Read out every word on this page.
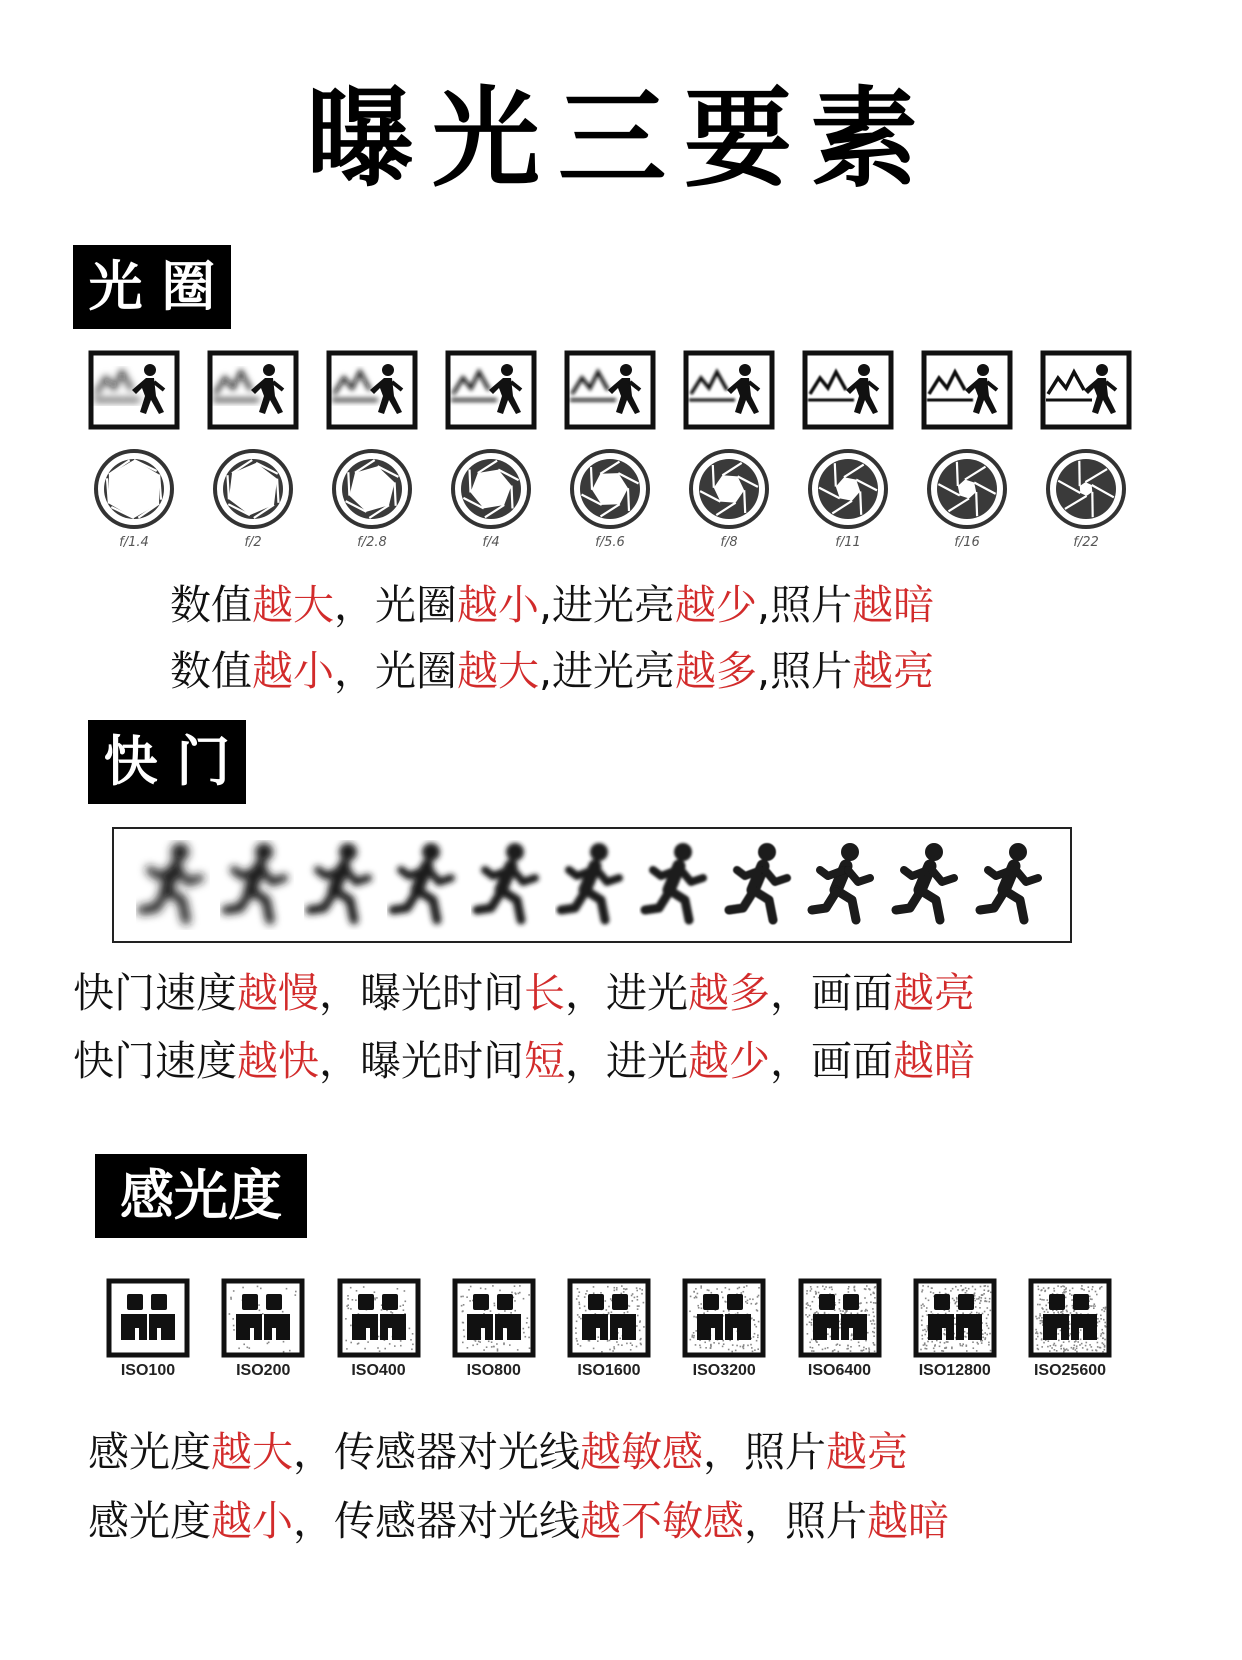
曝光三要素
光 圈
f/1.4	f/2	f/2.8	f/4	f/5.6	f/8	f/11	f/16	f/22
数值越大，光圈越小,进光亮越少,照片越暗
数值越小，光圈越大,进光亮越多,照片越亮
快 门
快门速度越慢，曝光时间长，进光越多，画面越亮
快门速度越快，曝光时间短，进光越少，画面越暗
感光度
ISO100	ISO200	ISO400	ISO800	ISO1600	ISO3200	ISO6400	ISO12800	ISO25600
感光度越大，传感器对光线越敏感，照片越亮
感光度越小，传感器对光线越不敏感，照片越暗
